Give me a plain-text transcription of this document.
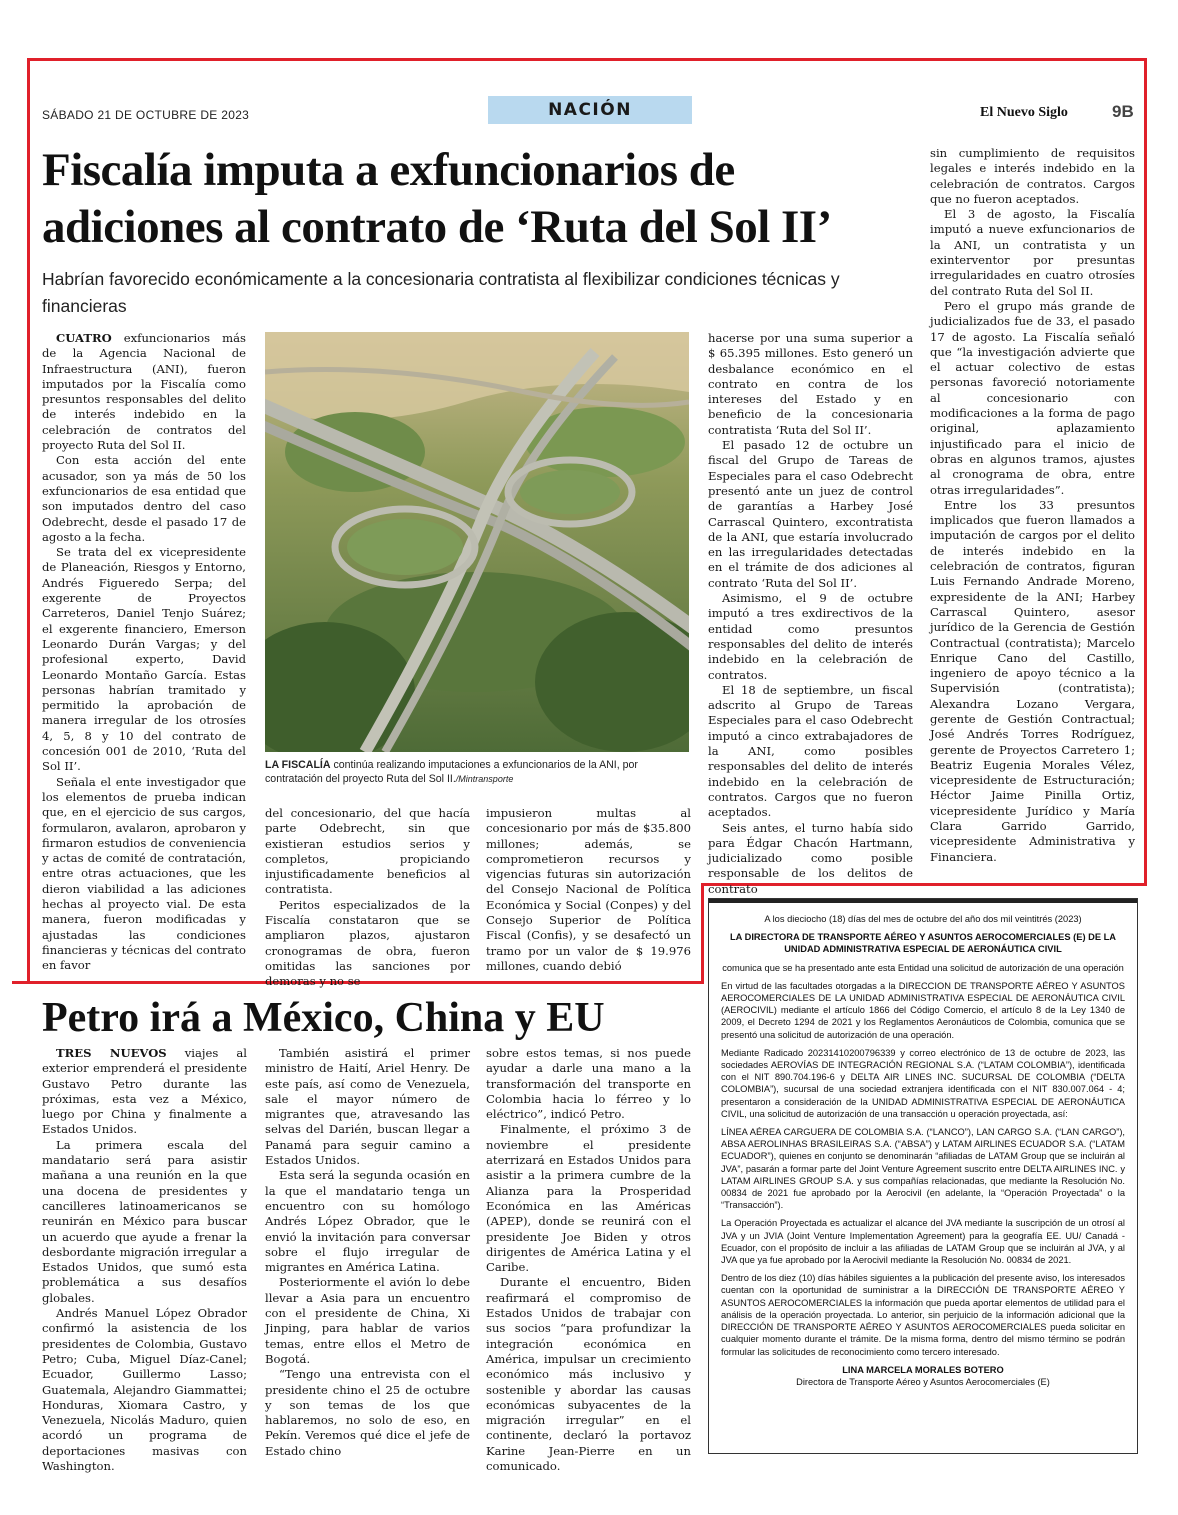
SÁBADO 21 DE OCTUBRE DE 2023	NACIÓN	El Nuevo Siglo	9B
Fiscalía imputa a exfuncionarios de adiciones al contrato de ‘Ruta del Sol II’
Habrían favorecido económicamente a la concesionaria contratista al flexibilizar condiciones técnicas y financieras

CUATRO exfuncionarios más de la Agencia Nacional de Infraestructura (ANI), fueron imputados por la Fiscalía como presuntos responsables del delito de interés indebido en la celebración de contratos del proyecto Ruta del Sol II.

Con esta acción del ente acusador, son ya más de 50 los exfuncionarios de esa entidad que son imputados dentro del caso Odebrecht, desde el pasado 17 de agosto a la fecha.

Se trata del ex vicepresidente de Planeación, Riesgos y Entorno, Andrés Figueredo Serpa; del exgerente de Proyectos Carreteros, Daniel Tenjo Suárez; el exgerente financiero, Emerson Leonardo Durán Vargas; y del profesional experto, David Leonardo Montaño García. Estas personas habrían tramitado y permitido la aprobación de manera irregular de los otrosíes 4, 5, 8 y 10 del contrato de concesión 001 de 2010, ‘Ruta del Sol II’.

Señala el ente investigador que los elementos de prueba indican que, en el ejercicio de sus cargos, formularon, avalaron, aprobaron y firmaron estudios de conveniencia y actas de comité de contratación, entre otras actuaciones, que les dieron viabilidad a las adiciones hechas al proyecto vial. De esta manera, fueron modificadas y ajustadas las condiciones financieras y técnicas del contrato en favor

LA FISCALÍA continúa realizando imputaciones a exfuncionarios de la ANI, por contratación del proyecto Ruta del Sol II./Mintransporte

del concesionario, del que hacía parte Odebrecht, sin que existieran estudios serios y completos, propiciando injustificadamente beneficios al contratista.

Peritos especializados de la Fiscalía constataron que se ampliaron plazos, ajustaron cronogramas de obra, fueron omitidas las sanciones por demoras y no se

impusieron multas al concesionario por más de $35.800 millones; además, se comprometieron recursos y vigencias futuras sin autorización del Consejo Nacional de Política Económica y Social (Conpes) y del Consejo Superior de Política Fiscal (Confis), y se desafectó un tramo por un valor de $ 19.976 millones, cuando debió

hacerse por una suma superior a $ 65.395 millones. Esto generó un desbalance económico en el contrato en contra de los intereses del Estado y en beneficio de la concesionaria contratista ‘Ruta del Sol II’.

El pasado 12 de octubre un fiscal del Grupo de Tareas de Especiales para el caso Odebrecht presentó ante un juez de control de garantías a Harbey José Carrascal Quintero, excontratista de la ANI, que estaría involucrado en las irregularidades detectadas en el trámite de dos adiciones al contrato ‘Ruta del Sol II’.

Asimismo, el 9 de octubre imputó a tres exdirectivos de la entidad como presuntos responsables del delito de interés indebido en la celebración de contratos.

El 18 de septiembre, un fiscal adscrito al Grupo de Tareas Especiales para el caso Odebrecht imputó a cinco extrabajadores de la ANI, como posibles responsables del delito de interés indebido en la celebración de contratos. Cargos que no fueron aceptados.

Seis antes, el turno había sido para Édgar Chacón Hartmann, judicializado como posible responsable de los delitos de contrato

sin cumplimiento de requisitos legales e interés indebido en la celebración de contratos. Cargos que no fueron aceptados.

El 3 de agosto, la Fiscalía imputó a nueve exfuncionarios de la ANI, un contratista y un exinterventor por presuntas irregularidades en cuatro otrosíes del contrato Ruta del Sol II.

Pero el grupo más grande de judicializados fue de 33, el pasado 17 de agosto. La Fiscalía señaló que “la investigación advierte que el actuar colectivo de estas personas favoreció notoriamente al concesionario con modificaciones a la forma de pago original, aplazamiento injustificado para el inicio de obras en algunos tramos, ajustes al cronograma de obra, entre otras irregularidades”.

Entre los 33 presuntos implicados que fueron llamados a imputación de cargos por el delito de interés indebido en la celebración de contratos, figuran Luis Fernando Andrade Moreno, expresidente de la ANI; Harbey Carrascal Quintero, asesor jurídico de la Gerencia de Gestión Contractual (contratista); Marcelo Enrique Cano del Castillo, ingeniero de apoyo técnico a la Supervisión (contratista); Alexandra Lozano Vergara, gerente de Gestión Contractual; José Andrés Torres Rodríguez, gerente de Proyectos Carretero 1; Beatriz Eugenia Morales Vélez, vicepresidente de Estructuración; Héctor Jaime Pinilla Ortiz, vicepresidente Jurídico y María Clara Garrido Garrido, vicepresidente Administrativa y Financiera.

Petro irá a México, China y EU

TRES NUEVOS viajes al exterior emprenderá el presidente Gustavo Petro durante las próximas, esta vez a México, luego por China y finalmente a Estados Unidos.

La primera escala del mandatario será para asistir mañana a una reunión en la que una docena de presidentes y cancilleres latinoamericanos se reunirán en México para buscar un acuerdo que ayude a frenar la desbordante migración irregular a Estados Unidos, que sumó esta problemática a sus desafíos globales.

Andrés Manuel López Obrador confirmó la asistencia de los presidentes de Colombia, Gustavo Petro; Cuba, Miguel Díaz-Canel; Ecuador, Guillermo Lasso; Guatemala, Alejandro Giammattei; Honduras, Xiomara Castro, y Venezuela, Nicolás Maduro, quien acordó un programa de deportaciones masivas con Washington.

También asistirá el primer ministro de Haití, Ariel Henry. De este país, así como de Venezuela, sale el mayor número de migrantes que, atravesando las selvas del Darién, buscan llegar a Panamá para seguir camino a Estados Unidos.

Esta será la segunda ocasión en la que el mandatario tenga un encuentro con su homólogo Andrés López Obrador, que le envió la invitación para conversar sobre el flujo irregular de migrantes en América Latina.

Posteriormente el avión lo debe llevar a Asia para un encuentro con el presidente de China, Xi Jinping, para hablar de varios temas, entre ellos el Metro de Bogotá.

“Tengo una entrevista con el presidente chino el 25 de octubre y son temas de los que hablaremos, no solo de eso, en Pekín. Veremos qué dice el jefe de Estado chino

sobre estos temas, si nos puede ayudar a darle una mano a la transformación del transporte en Colombia hacia lo férreo y lo eléctrico”, indicó Petro.

Finalmente, el próximo 3 de noviembre el presidente aterrizará en Estados Unidos para asistir a la primera cumbre de la Alianza para la Prosperidad Económica en las Américas (APEP), donde se reunirá con el presidente Joe Biden y otros dirigentes de América Latina y el Caribe.

Durante el encuentro, Biden reafirmará el compromiso de Estados Unidos de trabajar con sus socios “para profundizar la integración económica en América, impulsar un crecimiento económico más inclusivo y sostenible y abordar las causas económicas subyacentes de la migración irregular” en el continente, declaró la portavoz Karine Jean-Pierre en un comunicado.

A los dieciocho (18) días del mes de octubre del año dos mil veintitrés (2023)

LA DIRECTORA DE TRANSPORTE AÉREO Y ASUNTOS AEROCOMERCIALES (E) DE LA UNIDAD ADMINISTRATIVA ESPECIAL DE AERONÁUTICA CIVIL

comunica que se ha presentado ante esta Entidad una solicitud de autorización de una operación

En virtud de las facultades otorgadas a la DIRECCION DE TRANSPORTE AÉREO Y ASUNTOS AEROCOMERCIALES DE LA UNIDAD ADMINISTRATIVA ESPECIAL DE AERONÁUTICA CIVIL (AEROCIVIL) mediante el artículo 1866 del Código Comercio, el artículo 8 de la Ley 1340 de 2009, el Decreto 1294 de 2021 y los Reglamentos Aeronáuticos de Colombia, comunica que se presentó una solicitud de autorización de una operación.

Mediante Radicado 20231410200796339 y correo electrónico de 13 de octubre de 2023, las sociedades AEROVÍAS DE INTEGRACIÓN REGIONAL S.A. (“LATAM COLOMBIA”), identificada con el NIT 890.704.196-6 y DELTA AIR LINES INC. SUCURSAL DE COLOMBIA (“DELTA COLOMBIA”), sucursal de una sociedad extranjera identificada con el NIT 830.007.064 - 4; presentaron a consideración de la UNIDAD ADMINISTRATIVA ESPECIAL DE AERONÁUTICA CIVIL, una solicitud de autorización de una transacción u operación proyectada, así:

LÍNEA AÉREA CARGUERA DE COLOMBIA S.A. (“LANCO”), LAN CARGO S.A. (“LAN CARGO”), ABSA AEROLINHAS BRASILEIRAS S.A. (“ABSA”) y LATAM AIRLINES ECUADOR S.A. (“LATAM ECUADOR”), quienes en conjunto se denominarán “afiliadas de LATAM Group que se incluirán al JVA”, pasarán a formar parte del Joint Venture Agreement suscrito entre DELTA AIRLINES INC. y LATAM AIRLINES GROUP S.A. y sus compañías relacionadas, que mediante la Resolución No. 00834 de 2021 fue aprobado por la Aerocivil (en adelante, la “Operación Proyectada” o la “Transacción”).

La Operación Proyectada es actualizar el alcance del JVA mediante la suscripción de un otrosí al JVA y un JVIA (Joint Venture Implementation Agreement) para la geografía EE. UU/ Canadá - Ecuador, con el propósito de incluir a las afiliadas de LATAM Group que se incluirán al JVA, y al JVA que ya fue aprobado por la Aerocivil mediante la Resolución No. 00834 de 2021.

Dentro de los diez (10) días hábiles siguientes a la publicación del presente aviso, los interesados cuentan con la oportunidad de suministrar a la DIRECCIÓN DE TRANSPORTE AÉREO Y ASUNTOS AEROCOMERCIALES la información que pueda aportar elementos de utilidad para el análisis de la operación proyectada. Lo anterior, sin perjuicio de la información adicional que la DIRECCIÓN DE TRANSPORTE AÉREO Y ASUNTOS AEROCOMERCIALES pueda solicitar en cualquier momento durante el trámite. De la misma forma, dentro del mismo término se podrán formular las solicitudes de reconocimiento como tercero interesado.

LINA MARCELA MORALES BOTERO
Directora de Transporte Aéreo y Asuntos Aerocomerciales (E)
